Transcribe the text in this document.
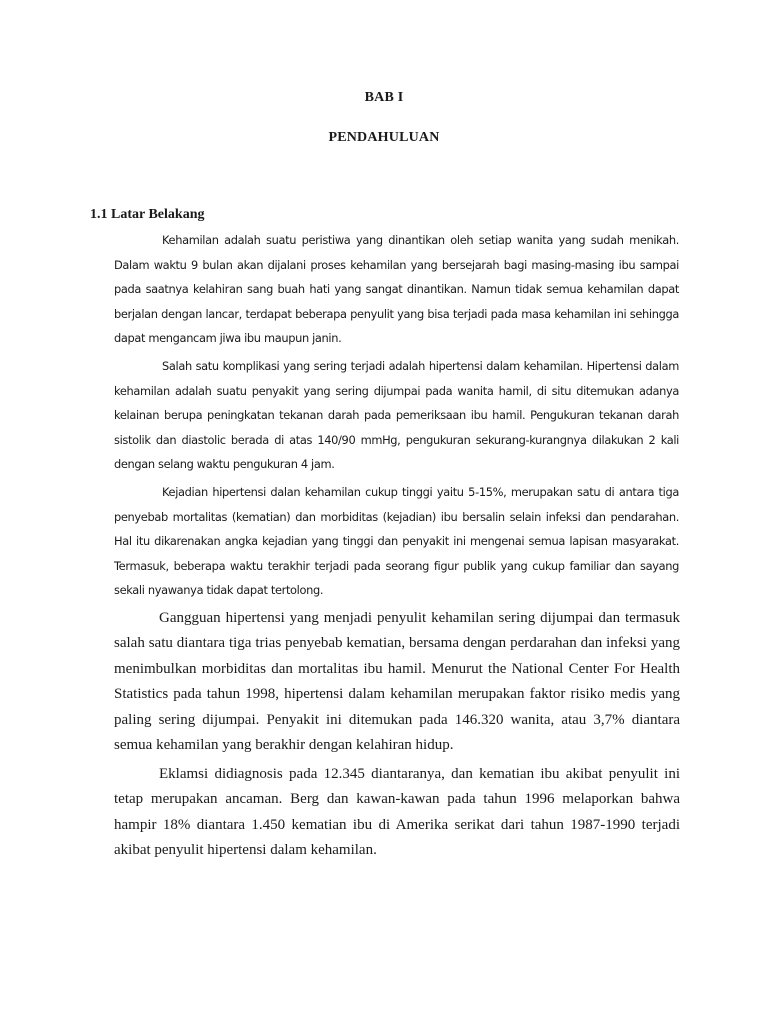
BAB I
PENDAHULUAN
1.1 Latar Belakang

Kehamilan adalah suatu peristiwa yang dinantikan oleh setiap wanita yang sudah menikah. Dalam waktu 9 bulan akan dijalani proses kehamilan yang bersejarah bagi masing-masing ibu sampai pada saatnya kelahiran sang buah hati yang sangat dinantikan. Namun tidak semua kehamilan dapat berjalan dengan lancar, terdapat beberapa penyulit yang bisa terjadi pada masa kehamilan ini sehingga dapat mengancam jiwa ibu maupun janin.

Salah satu komplikasi yang sering terjadi adalah hipertensi dalam kehamilan. Hipertensi dalam kehamilan adalah suatu penyakit yang sering dijumpai pada wanita hamil, di situ ditemukan adanya kelainan berupa peningkatan tekanan darah pada pemeriksaan ibu hamil. Pengukuran tekanan darah sistolik dan diastolic berada di atas 140/90 mmHg, pengukuran sekurang-kurangnya dilakukan 2 kali dengan selang waktu pengukuran 4 jam.

Kejadian hipertensi dalan kehamilan cukup tinggi yaitu 5-15%, merupakan satu di antara tiga penyebab mortalitas (kematian) dan morbiditas (kejadian) ibu bersalin selain infeksi dan pendarahan. Hal itu dikarenakan angka kejadian yang tinggi dan penyakit ini mengenai semua lapisan masyarakat. Termasuk, beberapa waktu terakhir terjadi pada seorang figur publik yang cukup familiar dan sayang sekali nyawanya tidak dapat tertolong.

Gangguan hipertensi yang menjadi penyulit kehamilan sering dijumpai dan termasuk salah satu diantara tiga trias penyebab kematian, bersama dengan perdarahan dan infeksi yang menimbulkan morbiditas dan mortalitas ibu hamil. Menurut the National Center For Health Statistics pada tahun 1998, hipertensi dalam kehamilan merupakan faktor risiko medis yang paling sering dijumpai. Penyakit ini ditemukan pada 146.320 wanita, atau 3,7% diantara semua kehamilan yang berakhir dengan kelahiran hidup.

Eklamsi didiagnosis pada 12.345 diantaranya, dan kematian ibu akibat penyulit ini tetap merupakan ancaman. Berg dan kawan-kawan pada tahun 1996 melaporkan bahwa hampir 18% diantara 1.450 kematian ibu di Amerika serikat dari tahun 1987-1990 terjadi akibat penyulit hipertensi dalam kehamilan.
